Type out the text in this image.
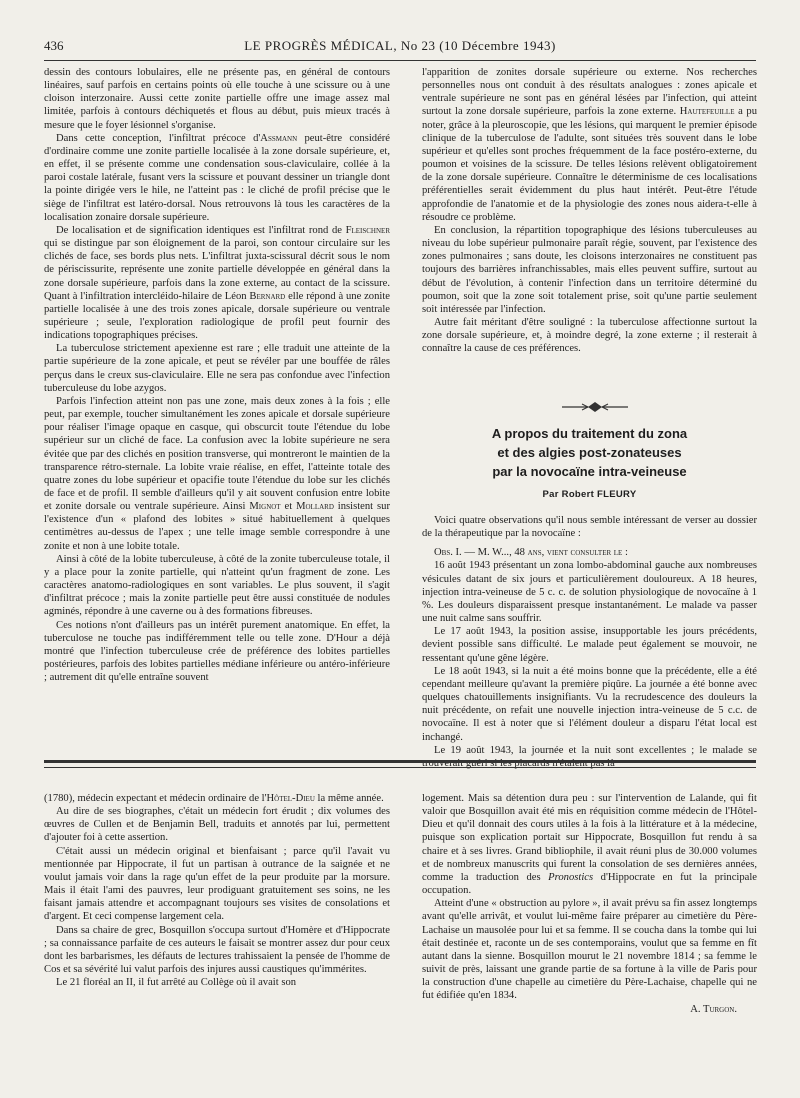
436	LE PROGRÈS MÉDICAL, No 23 (10 Décembre 1943)

dessin des contours lobulaires, elle ne présente pas, en général de contours linéaires, sauf parfois en certains points où elle touche à une scissure ou à une cloison interzonaire. Aussi cette zonite partielle offre une image assez mal limitée, parfois à contours déchiquetés et flous au début, puis mieux tracés à mesure que le foyer lésionnel s'organise.

Dans cette conception, l'infiltrat précoce d'Assmann peut-être considéré d'ordinaire comme une zonite partielle localisée à la zone dorsale supérieure, et, en effet, il se présente comme une condensation sous-claviculaire, collée à la paroi costale latérale, fusant vers la scissure et pouvant dessiner un triangle dont la pointe dirigée vers le hile, ne l'atteint pas : le cliché de profil précise que le siège de l'infiltrat est latéro-dorsal. Nous retrouvons là tous les caractères de la localisation zonaire dorsale supérieure.

De localisation et de signification identiques est l'infiltrat rond de Fleischner qui se distingue par son éloignement de la paroi, son contour circulaire sur les clichés de face, ses bords plus nets. L'infiltrat juxta-scissural décrit sous le nom de périscissurite, représente une zonite partielle développée en général dans la zone dorsale supérieure, parfois dans la zone externe, au contact de la scissure. Quant à l'infiltration intercléido-hilaire de Léon Bernard elle répond à une zonite partielle localisée à une des trois zones apicale, dorsale supérieure ou ventrale supérieure ; seule, l'exploration radiologique de profil peut fournir des indications topographiques précises.

La tuberculose strictement apexienne est rare ; elle traduit une atteinte de la partie supérieure de la zone apicale, et peut se révéler par une bouffée de râles perçus dans le creux sus-claviculaire. Elle ne sera pas confondue avec l'infection tuberculeuse du lobe azygos.

Parfois l'infection atteint non pas une zone, mais deux zones à la fois ; elle peut, par exemple, toucher simultanément les zones apicale et dorsale supérieure pour réaliser l'image opaque en casque, qui obscurcit toute l'étendue du lobe supérieur sur un cliché de face. La confusion avec la lobite supérieure ne sera évitée que par des clichés en position transverse, qui montreront le maintien de la transparence rétro-sternale. La lobite vraie réalise, en effet, l'atteinte totale des quatre zones du lobe supérieur et opacifie toute l'étendue du lobe sur les clichés de face et de profil. Il semble d'ailleurs qu'il y ait souvent confusion entre lobite et zonite dorsale ou ventrale supérieure. Ainsi Mignot et Mollard insistent sur l'existence d'un « plafond des lobites » situé habituellement à quelques centimètres au-dessus de l'apex ; une telle image semble correspondre à une zonite et non à une lobite totale.

Ainsi à côté de la lobite tuberculeuse, à côté de la zonite tuberculeuse totale, il y a place pour la zonite partielle, qui n'atteint qu'un fragment de zone. Les caractères anatomo-radiologiques en sont variables. Le plus souvent, il s'agit d'infiltrat précoce ; mais la zonite partielle peut être aussi constituée de nodules agminés, répondre à une caverne ou à des formations fibreuses.

Ces notions n'ont d'ailleurs pas un intérêt purement anatomique. En effet, la tuberculose ne touche pas indifféremment telle ou telle zone. D'Hour a déjà montré que l'infection tuberculeuse crée de préférence des lobites partielles postérieures, parfois des lobites partielles médiane inférieure ou antéro-inférieure ; autrement dit qu'elle entraîne souvent

l'apparition de zonites dorsale supérieure ou externe. Nos recherches personnelles nous ont conduit à des résultats analogues : zones apicale et ventrale supérieure ne sont pas en général lésées par l'infection, qui atteint surtout la zone dorsale supérieure, parfois la zone externe. Hautefeuille a pu noter, grâce à la pleuroscopie, que les lésions, qui marquent le premier épisode clinique de la tuberculose de l'adulte, sont situées très souvent dans le lobe supérieur et qu'elles sont proches fréquemment de la face postéro-externe, du poumon et voisines de la scissure. De telles lésions relèvent obligatoirement de la zone dorsale supérieure. Connaître le déterminisme de ces localisations préférentielles serait évidemment du plus haut intérêt. Peut-être l'étude approfondie de l'anatomie et de la physiologie des zones nous aidera-t-elle à résoudre ce problème.

En conclusion, la répartition topographique des lésions tuberculeuses au niveau du lobe supérieur pulmonaire paraît régie, souvent, par l'existence des zones pulmonaires ; sans doute, les cloisons interzonaires ne constituent pas toujours des barrières infranchissables, mais elles peuvent suffire, surtout au début de l'évolution, à contenir l'infection dans un territoire déterminé du poumon, soit que la zone soit totalement prise, soit qu'une partie seulement soit intéressée par l'infection.

Autre fait méritant d'être souligné : la tuberculose affectionne surtout la zone dorsale supérieure, et, à moindre degré, la zone externe ; il resterait à connaître la cause de ces préférences.

A propos du traitement du zona
et des algies post-zonateuses
par la novocaïne intra-veineuse
Par Robert FLEURY

Voici quatre observations qu'il nous semble intéressant de verser au dossier de la thérapeutique par la novocaïne :

Obs. I. — M. W..., 48 ans, vient consulter le :

16 août 1943 présentant un zona lombo-abdominal gauche aux nombreuses vésicules datant de six jours et particulièrement douloureux. A 18 heures, injection intra-veineuse de 5 c. c. de solution physiologique de novocaïne à 1 %. Les douleurs disparaissent presque instantanément. Le malade va passer une nuit calme sans souffrir.

Le 17 août 1943, la position assise, insupportable les jours précédents, devient possible sans difficulté. Le malade peut également se mouvoir, ne ressentant qu'une gêne légère.

Le 18 août 1943, si la nuit a été moins bonne que la précédente, elle a été cependant meilleure qu'avant la première piqûre. La journée a été bonne avec quelques chatouillements insignifiants. Vu la recrudescence des douleurs la nuit précédente, on refait une nouvelle injection intra-veineuse de 5 c.c. de novocaïne. Il est à noter que si l'élément douleur a disparu l'état local est inchangé.

Le 19 août 1943, la journée et la nuit sont excellentes ; le malade se trouverait guéri si les placards n'étaient pas là

(1780), médecin expectant et médecin ordinaire de l'Hôtel-Dieu la même année.

Au dire de ses biographes, c'était un médecin fort érudit ; dix volumes des œuvres de Cullen et de Benjamin Bell, traduits et annotés par lui, permettent d'ajouter foi à cette assertion.

C'était aussi un médecin original et bienfaisant ; parce qu'il l'avait vu mentionnée par Hippocrate, il fut un partisan à outrance de la saignée et ne voulut jamais voir dans la rage qu'un effet de la peur produite par la morsure. Mais il était l'ami des pauvres, leur prodiguant gratuitement ses soins, ne les faisant jamais attendre et accompagnant toujours ses visites de consolations et d'argent. Et ceci compense largement cela.

Dans sa chaire de grec, Bosquillon s'occupa surtout d'Homère et d'Hippocrate ; sa connaissance parfaite de ces auteurs le faisait se montrer assez dur pour ceux dont les barbarismes, les défauts de lectures trahissaient la pensée de l'homme de Cos et sa sévérité lui valut parfois des injures aussi caustiques qu'immérites.

Le 21 floréal an II, il fut arrêté au Collège où il avait son

logement. Mais sa détention dura peu : sur l'intervention de Lalande, qui fit valoir que Bosquillon avait été mis en réquisition comme médecin de l'Hôtel-Dieu et qu'il donnait des cours utiles à la fois à la littérature et à la médecine, puisque son explication portait sur Hippocrate, Bosquillon fut rendu à sa chaire et à ses livres. Grand bibliophile, il avait réuni plus de 30.000 volumes et de nombreux manuscrits qui furent la consolation de ses dernières années, comme la traduction des Pronostics d'Hippocrate en fut la principale occupation.

Atteint d'une « obstruction au pylore », il avait prévu sa fin assez longtemps avant qu'elle arrivât, et voulut lui-même faire préparer au cimetière du Père-Lachaise un mausolée pour lui et sa femme. Il se coucha dans la tombe qui lui était destinée et, raconte un de ses contemporains, voulut que sa femme en fît autant dans la sienne. Bosquillon mourut le 21 novembre 1814 ; sa femme le suivit de près, laissant une grande partie de sa fortune à la ville de Paris pour la construction d'une chapelle au cimetière du Père-Lachaise, chapelle qui ne fut édifiée qu'en 1834.

A. Turgon.
